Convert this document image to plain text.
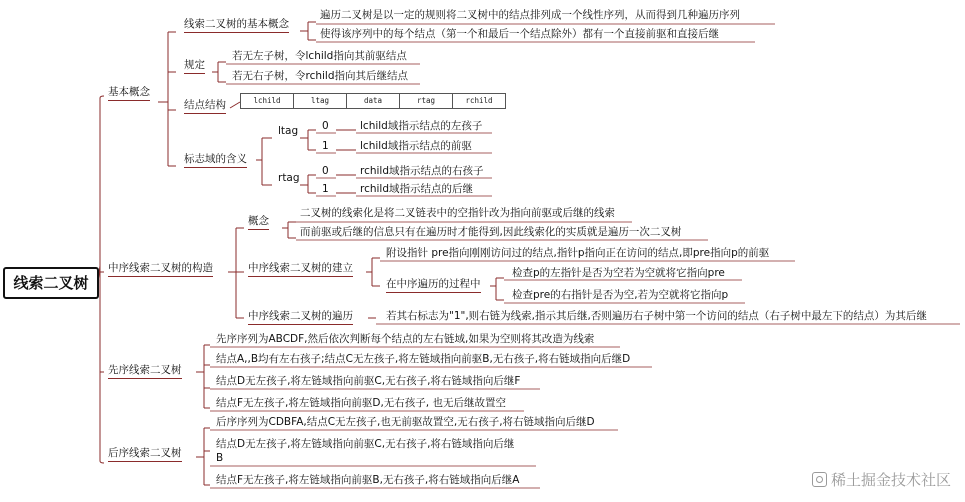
线索二叉树
基本概念
中序线索二叉树的构造
先序线索二叉树
后序线索二叉树
线索二叉树的基本概念
遍历二叉树是以一定的规则将二叉树中的结点排列成一个线性序列，从而得到几种遍历序列
使得该序列中的每个结点（第一个和最后一个结点除外）都有一个直接前驱和直接后继
规定
若无左子树，令lchild指向其前驱结点
若无右子树，令rchild指向其后继结点
结点结构	lchild	ltag	data	rtag	rchild
标志域的含义
ltag 0	lchild域指示结点的左孩子
1	lchild域指示结点的前驱
rtag
0	rchild域指示结点的右孩子
1	rchild域指示结点的后继
概念
二叉树的线索化是将二叉链表中的空指针改为指向前驱或后继的线索
而前驱或后继的信息只有在遍历时才能得到,因此线索化的实质就是遍历一次二叉树
中序线索二叉树的建立
附设指针 pre指向刚刚访问过的结点,指针p指向正在访问的结点,即pre指向p的前驱
在中序遍历的过程中
检查p的左指针是否为空若为空就将它指向pre
检查pre的右指针是否为空,若为空就将它指向p
中序线索二叉树的遍历	若其右标志为"1",则右链为线索,指示其后继,否则遍历右子树中第一个访问的结点（右子树中最左下的结点）为其后继
先序序列为ABCDF,然后依次判断每个结点的左右链域,如果为空则将其改造为线索
结点A,,B均有左右孩子;结点C无左孩子,将左链域指向前驱B,无右孩子,将右链域指向后继D
结点D无左孩子,将左链域指向前驱C,无右孩子,将右链域指向后继F
结点F无左孩子,将左链域指向前驱D,无右孩子, 也无后继故置空
后序序列为CDBFA,结点C无左孩子,也无前驱故置空,无右孩子,将右链域指向后继D
结点D无左孩子,将左链域指向前驱C,无右孩子,将右链域指向后继
B
结点F无左孩子,将左链域指向前驱B,无右孩子,将右链域指向后继A	稀土掘金技术社区
